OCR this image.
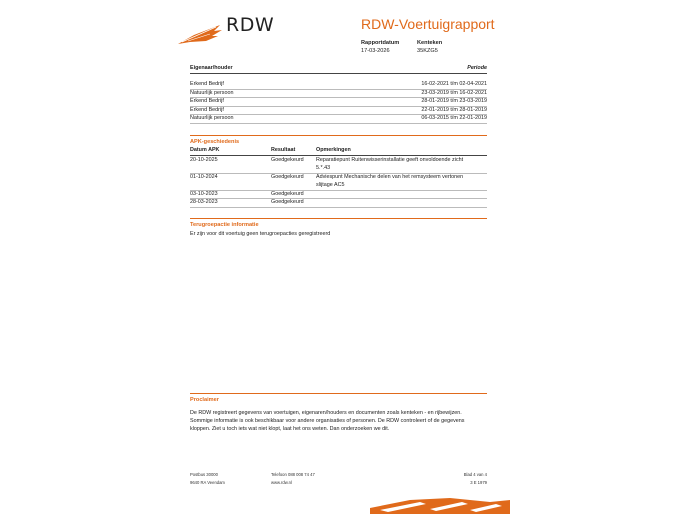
RDW	RDW-Voertuigrapport
Rapportdatum
17-03-2026
Kenteken
35KZG5
Eigenaar/houder	Periode
Erkend Bedrijf	16-02-2021 t/m 02-04-2021
Natuurlijk persoon	23-03-2019 t/m 16-02-2021
Erkend Bedrijf	28-01-2019 t/m 23-03-2019
Erkend Bedrijf	22-01-2019 t/m 28-01-2019
Natuurlijk persoon	06-03-2015 t/m 22-01-2019
APK-geschiedenis
Datum APK	Resultaat	Opmerkingen
20-10-2025	Goedgekeurd Reparatiepunt Ruitenwisserinstallatie geeft onvoldoende zicht
5.*.43
01-10-2024	Goedgekeurd Adviespunt Mechanische delen van het remsysteem vertonen
slijtage AC5
03-10-2023	Goedgekeurd
28-03-2023	Goedgekeurd
Terugroepactie informatie
Er zijn voor dit voertuig geen terugroepacties geregistreerd
Proclaimer
De RDW registreert gegevens van voertuigen, eigenaren/houders en documenten zoals kenteken - en rijbewijzen.
Sommige informatie is ook beschikbaar voor andere organisaties of personen. De RDW controleert of de gegevens
kloppen. Ziet u toch iets wat niet klopt, laat het ons weten. Dan onderzoeken we dit.
Postbus 30000
9640 RA Veendam
Telefoon 088 008 74 47
www.rdw.nl
Blad 4 van 4
3 E 1979
